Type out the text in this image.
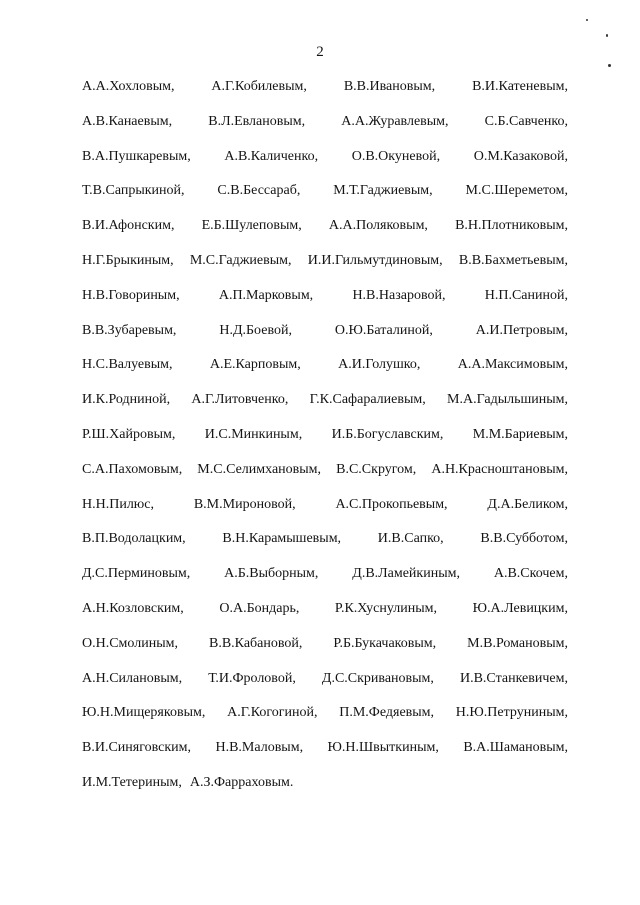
2
А.А.Хохловым,	А.Г.Кобилевым,	В.В.Ивановым,	В.И.Катеневым,
А.В.Канаевым,	В.Л.Евлановым,	А.А.Журавлевым,	С.Б.Савченко,
В.А.Пушкаревым, А.В.Каличенко, О.В.Окуневой, О.М.Казаковой,
Т.В.Сапрыкиной, С.В.Бессараб, М.Т.Гаджиевым, М.С.Шереметом,
В.И.Афонским, Е.Б.Шулеповым, А.А.Поляковым, В.Н.Плотниковым,
Н.Г.Брыкиным, М.С.Гаджиевым, И.И.Гильмутдиновым, В.В.Бахметьевым,
Н.В.Говориным,	А.П.Марковым,	Н.В.Назаровой,	Н.П.Саниной,
В.В.Зубаревым,	Н.Д.Боевой,	О.Ю.Баталиной,	А.И.Петровым,
Н.С.Валуевым,	А.Е.Карповым,	А.И.Голушко,	А.А.Максимовым,
И.К.Родниной, А.Г.Литовченко, Г.К.Сафаралиевым, М.А.Гадыльшиным,
Р.Ш.Хайровым, И.С.Минкиным, И.Б.Богуславским, М.М.Бариевым,
С.А.Пахомовым, М.С.Селимхановым, В.С.Скругом, А.Н.Красноштановым,
Н.Н.Пилюс,	В.М.Мироновой,	А.С.Прокопьевым,	Д.А.Беликом,
В.П.Водолацким,	В.Н.Карамышевым,	И.В.Сапко,	В.В.Субботом,
Д.С.Перминовым, А.Б.Выборным, Д.В.Ламейкиным, А.В.Скочем,
А.Н.Козловским,	О.А.Бондарь,	Р.К.Хуснулиным,	Ю.А.Левицким,
О.Н.Смолиным, В.В.Кабановой, Р.Б.Букачаковым, М.В.Романовым,
А.Н.Силановым, Т.И.Фроловой, Д.С.Скривановым, И.В.Станкевичем,
Ю.Н.Мищеряковым, А.Г.Когогиной, П.М.Федяевым, Н.Ю.Петруниным,
В.И.Синяговским, Н.В.Маловым, Ю.Н.Швыткиным, В.А.Шамановым,
И.М.Тетериным, А.З.Фарраховым.
